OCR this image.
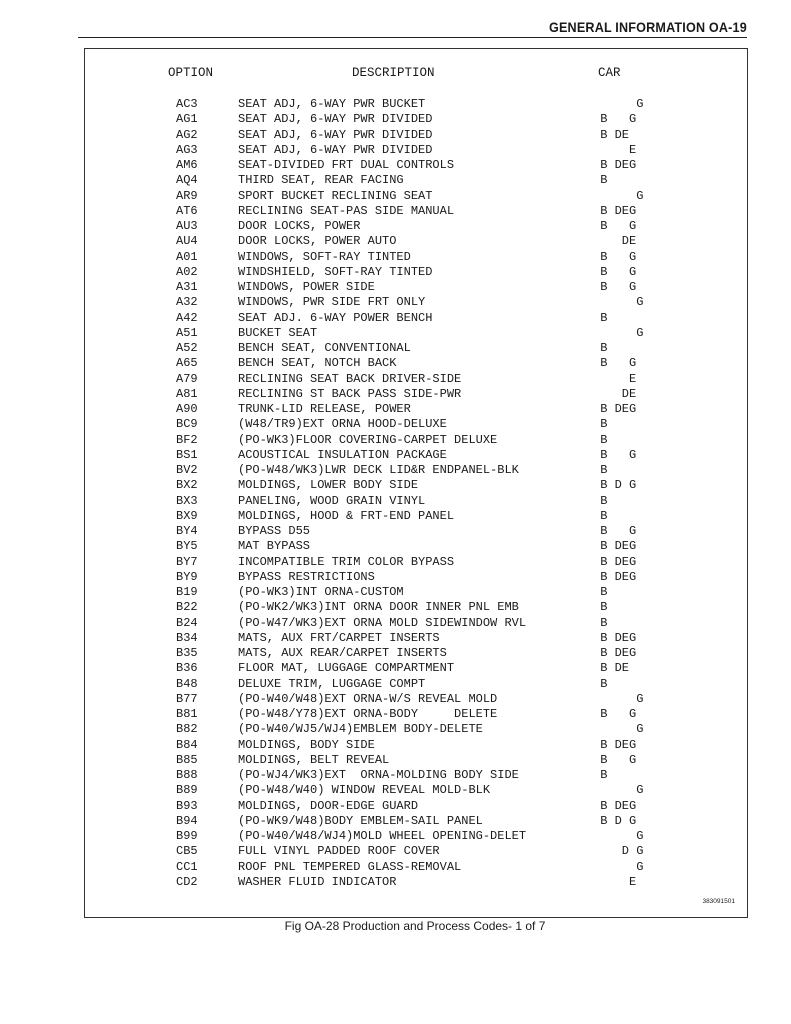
GENERAL INFORMATION OA-19
OPTION	DESCRIPTION	CAR
AC3	SEAT ADJ, 6-WAY PWR BUCKET	G
AG1	SEAT ADJ, 6-WAY PWR DIVIDED	B   G
AG2	SEAT ADJ, 6-WAY PWR DIVIDED	B DE
AG3	SEAT ADJ, 6-WAY PWR DIVIDED	E
AM6	SEAT-DIVIDED FRT DUAL CONTROLS	B DEG
AQ4	THIRD SEAT, REAR FACING	B
AR9	SPORT BUCKET RECLINING SEAT	G
AT6	RECLINING SEAT-PAS SIDE MANUAL	B DEG
AU3	DOOR LOCKS, POWER	B   G
AU4	DOOR LOCKS, POWER AUTO	DE
A01	WINDOWS, SOFT-RAY TINTED	B   G
A02	WINDSHIELD, SOFT-RAY TINTED	B   G
A31	WINDOWS, POWER SIDE	B   G
A32	WINDOWS, PWR SIDE FRT ONLY	G
A42	SEAT ADJ. 6-WAY POWER BENCH	B
A51	BUCKET SEAT	G
A52	BENCH SEAT, CONVENTIONAL	B
A65	BENCH SEAT, NOTCH BACK	B   G
A79	RECLINING SEAT BACK DRIVER-SIDE	E
A81	RECLINING ST BACK PASS SIDE-PWR	DE
A90	TRUNK-LID RELEASE, POWER	B DEG
BC9	(W48/TR9)EXT ORNA HOOD-DELUXE	B
BF2	(PO-WK3)FLOOR COVERING-CARPET DELUXE	B
BS1	ACOUSTICAL INSULATION PACKAGE	B   G
BV2	(PO-W48/WK3)LWR DECK LID&R ENDPANEL-BLK	B
BX2	MOLDINGS, LOWER BODY SIDE	B D G
BX3	PANELING, WOOD GRAIN VINYL	B
BX9	MOLDINGS, HOOD & FRT-END PANEL	B
BY4	BYPASS D55	B   G
BY5	MAT BYPASS	B DEG
BY7	INCOMPATIBLE TRIM COLOR BYPASS	B DEG
BY9	BYPASS RESTRICTIONS	B DEG
B19	(PO-WK3)INT ORNA-CUSTOM	B
B22	(PO-WK2/WK3)INT ORNA DOOR INNER PNL EMB	B
B24	(PO-W47/WK3)EXT ORNA MOLD SIDEWINDOW RVL	B
B34	MATS, AUX FRT/CARPET INSERTS	B DEG
B35	MATS, AUX REAR/CARPET INSERTS	B DEG
B36	FLOOR MAT, LUGGAGE COMPARTMENT	B DE
B48	DELUXE TRIM, LUGGAGE COMPT	B
B77	(PO-W40/W48)EXT ORNA-W/S REVEAL MOLD	G
B81	(PO-W48/Y78)EXT ORNA-BODY     DELETE	B   G
B82	(PO-W40/WJ5/WJ4)EMBLEM BODY-DELETE	G
B84	MOLDINGS, BODY SIDE	B DEG
B85	MOLDINGS, BELT REVEAL	B   G
B88	(PO-WJ4/WK3)EXT  ORNA-MOLDING BODY SIDE	B
B89	(PO-W48/W40) WINDOW REVEAL MOLD-BLK	G
B93	MOLDINGS, DOOR-EDGE GUARD	B DEG
B94	(PO-WK9/W48)BODY EMBLEM-SAIL PANEL	B D G
B99	(PO-W40/W48/WJ4)MOLD WHEEL OPENING-DELET	G
CB5	FULL VINYL PADDED ROOF COVER	D G
CC1	ROOF PNL TEMPERED GLASS-REMOVAL	G
CD2	WASHER FLUID INDICATOR	E
383091501
Fig OA-28 Production and Process Codes- 1 of 7
